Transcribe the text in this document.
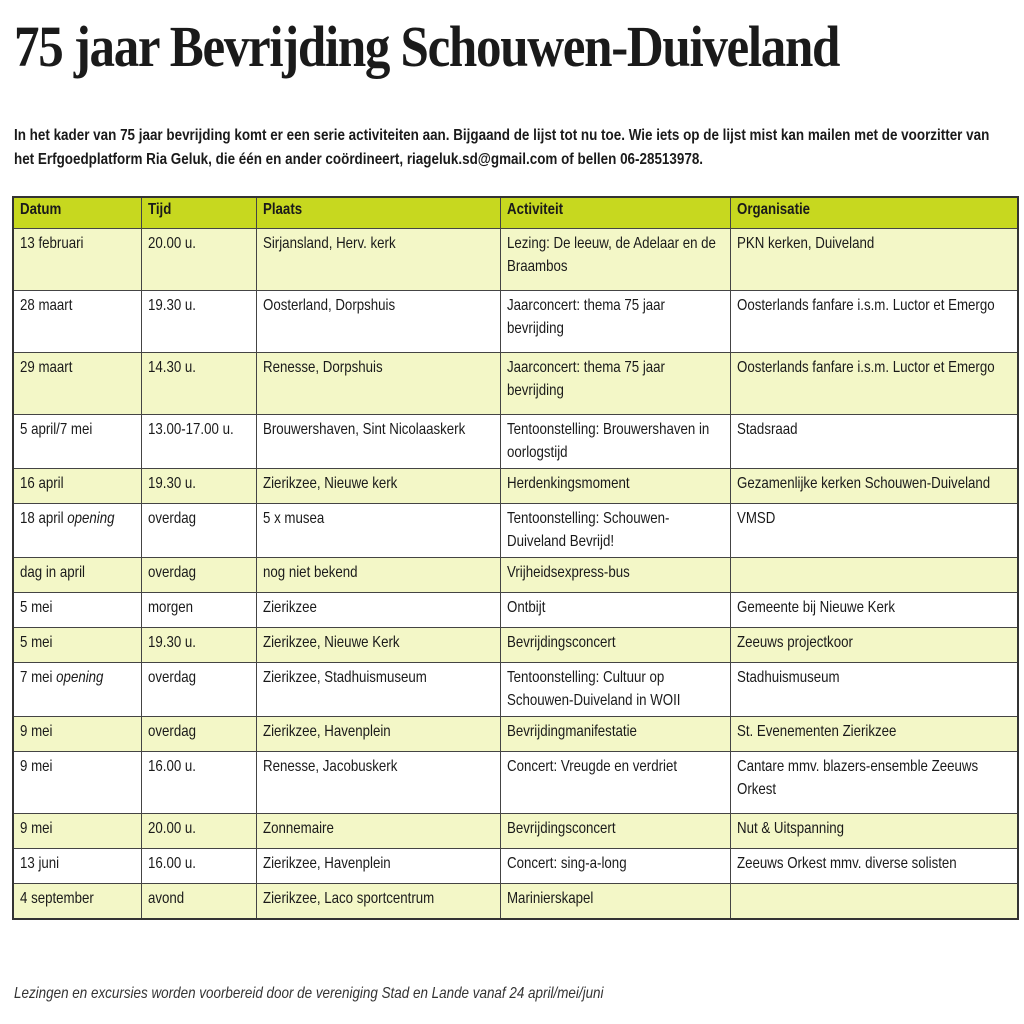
75 jaar Bevrijding Schouwen-Duiveland

In het kader van 75 jaar bevrijding komt er een serie activiteiten aan. Bijgaand de lijst tot nu toe. Wie iets op de lijst mist kan mailen met de voorzitter van het Erfgoedplatform Ria Geluk, die één en ander coördineert, riageluk.sd@gmail.com of bellen 06-28513978.

Datum	Tijd	Plaats	Activiteit	Organisatie

13 februari	20.00 u.	Sirjansland, Herv. kerk	Lezing: De leeuw, de Adelaar en de Braambos	PKN kerken, Duiveland

28 maart	19.30 u.	Oosterland, Dorpshuis	Jaarconcert: thema 75 jaar bevrijding	Oosterlands fanfare i.s.m. Luctor et Emergo

29 maart	14.30 u.	Renesse, Dorpshuis	Jaarconcert: thema 75 jaar bevrijding	Oosterlands fanfare i.s.m. Luctor et Emergo

5 april/7 mei	13.00-17.00 u.	Brouwershaven, Sint Nicolaaskerk	Tentoonstelling: Brouwershaven in oorlogstijd	Stadsraad

16 april	19.30 u.	Zierikzee, Nieuwe kerk	Herdenkingsmoment	Gezamenlijke kerken Schouwen-Duiveland

18 april opening	overdag	5 x musea	Tentoonstelling: Schouwen-Duiveland Bevrijd!	VMSD

dag in april	overdag	nog niet bekend	Vrijheidsexpress-bus	

5 mei	morgen	Zierikzee	Ontbijt	Gemeente bij Nieuwe Kerk

5 mei	19.30 u.	Zierikzee, Nieuwe Kerk	Bevrijdingsconcert	Zeeuws projectkoor

7 mei opening	overdag	Zierikzee, Stadhuismuseum	Tentoonstelling: Cultuur op Schouwen-Duiveland in WOII	Stadhuismuseum

9 mei	overdag	Zierikzee, Havenplein	Bevrijdingmanifestatie	St. Evenementen Zierikzee

9 mei	16.00 u.	Renesse, Jacobuskerk	Concert: Vreugde en verdriet	Cantare mmv. blazers-ensemble Zeeuws Orkest

9 mei	20.00 u.	Zonnemaire	Bevrijdingsconcert	Nut & Uitspanning

13 juni	16.00 u.	Zierikzee, Havenplein	Concert: sing-a-long	Zeeuws Orkest mmv. diverse solisten

4 september	avond	Zierikzee, Laco sportcentrum	Marinierskapel	

Lezingen en excursies worden voorbereid door de vereniging Stad en Lande vanaf 24 april/mei/juni
